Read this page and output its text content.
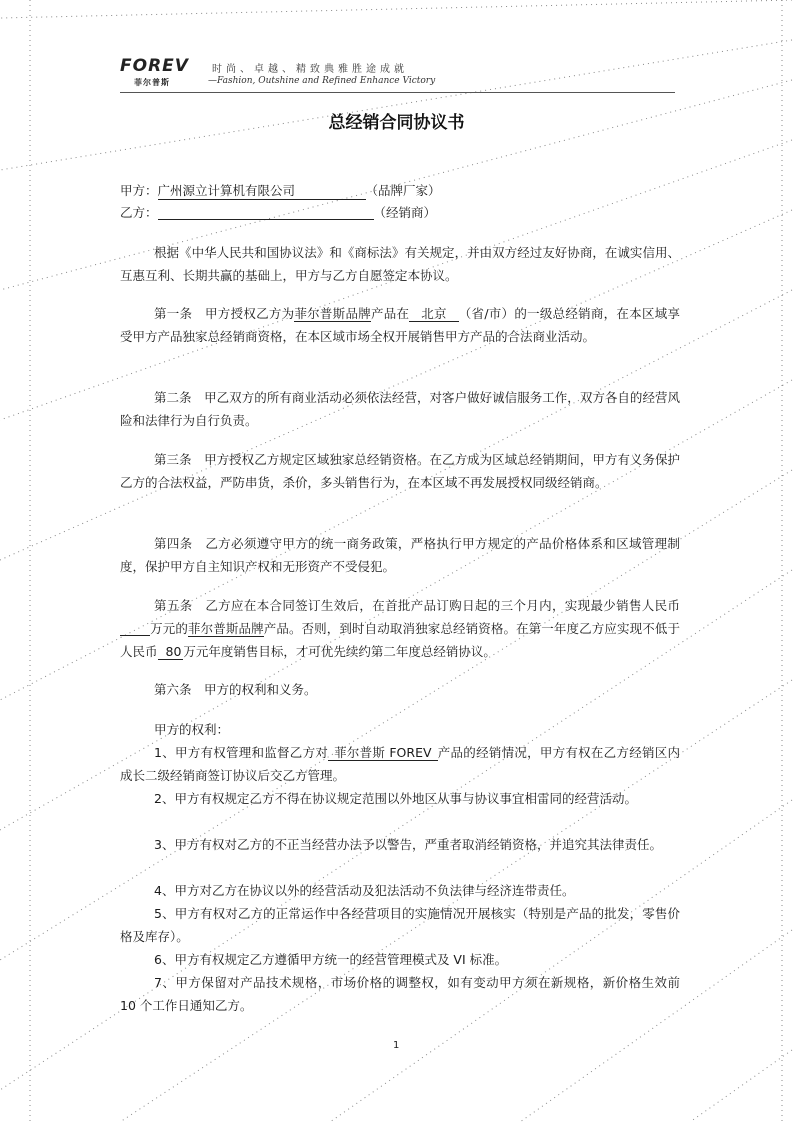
FOREV
菲尔普斯
时尚、卓越、精致典雅胜途成就
—Fashion, Outshine and Refined Enhance Victory
总经销合同协议书
甲方：广州源立计算机有限公司	（品牌厂家）
乙方：	（经销商）
根据《中华人民共和国协议法》和《商标法》有关规定，并由双方经过友好协商，在诚实信用、互惠互利、长期共赢的基础上，甲方与乙方自愿签定本协议。
第一条　甲方授权乙方为菲尔普斯品牌产品在 北京 （省/市）的一级总经销商，在本区域享受甲方产品独家总经销商资格，在本区域市场全权开展销售甲方产品的合法商业活动。
第二条　甲乙双方的所有商业活动必须依法经营，对客户做好诚信服务工作，双方各自的经营风险和法律行为自行负责。
第三条　甲方授权乙方规定区域独家总经销资格。在乙方成为区域总经销期间，甲方有义务保护乙方的合法权益，严防串货，杀价，多头销售行为，在本区域不再发展授权同级经销商。
第四条　乙方必须遵守甲方的统一商务政策，严格执行甲方规定的产品价格体系和区域管理制度，保护甲方自主知识产权和无形资产不受侵犯。
第五条　乙方应在本合同签订生效后，在首批产品订购日起的三个月内，实现最少销售人民币万元的菲尔普斯品牌产品。否则，到时自动取消独家总经销资格。在第一年度乙方应实现不低于人民币 80 万元年度销售目标，才可优先续约第二年度总经销协议。
第六条　甲方的权利和义务。
甲方的权利：
1、甲方有权管理和监督乙方对 菲尔普斯 FOREV 产品的经销情况，甲方有权在乙方经销区内成长二级经销商签订协议后交乙方管理。
2、甲方有权规定乙方不得在协议规定范围以外地区从事与协议事宜相雷同的经营活动。
3、甲方有权对乙方的不正当经营办法予以警告，严重者取消经销资格，并追究其法律责任。
4、甲方对乙方在协议以外的经营活动及犯法活动不负法律与经济连带责任。
5、甲方有权对乙方的正常运作中各经营项目的实施情况开展核实（特别是产品的批发，零售价格及库存）。
6、甲方有权规定乙方遵循甲方统一的经营管理模式及 VI 标准。
7、甲方保留对产品技术规格，市场价格的调整权，如有变动甲方须在新规格，新价格生效前 10 个工作日通知乙方。
1
